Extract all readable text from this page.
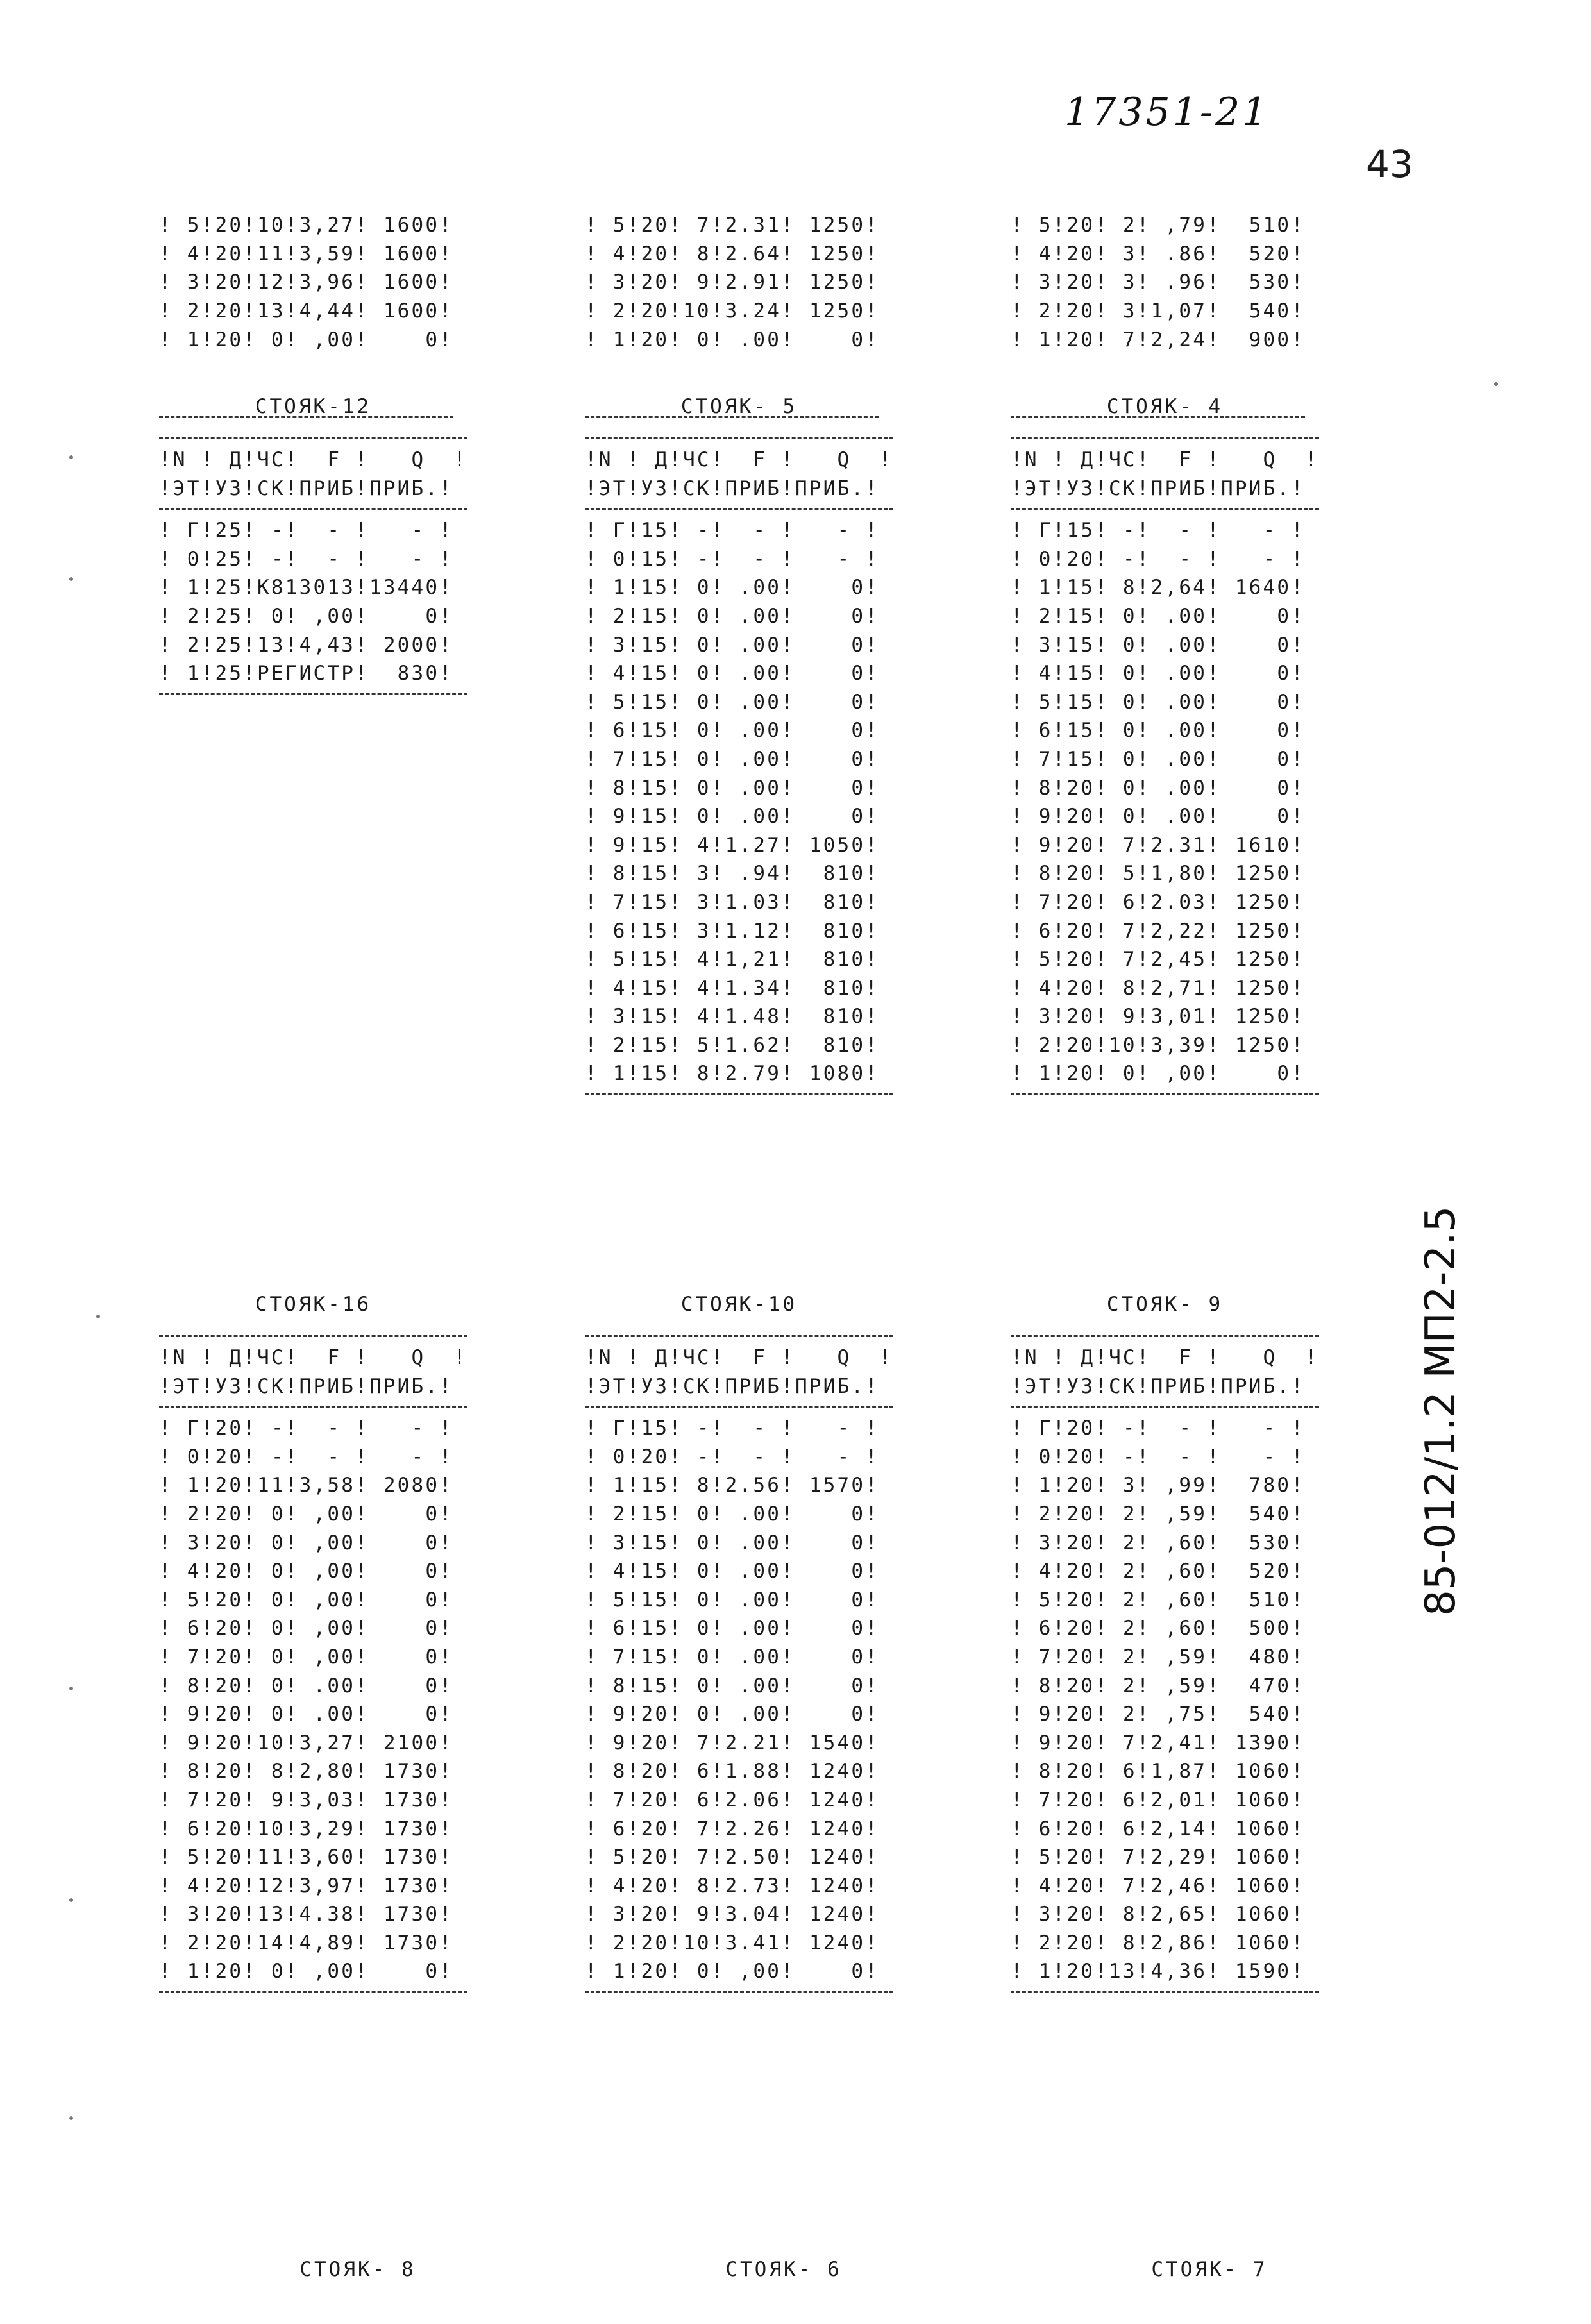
17351-21
43

! 5!20!10!3,27! 1600!
! 4!20!11!3,59! 1600!
! 3!20!12!3,96! 1600!
! 2!20!13!4,44! 1600!
! 1!20! 0! ,00!    0!

! 5!20! 7!2.31! 1250!
! 4!20! 8!2.64! 1250!
! 3!20! 9!2.91! 1250!
! 2!20!10!3.24! 1250!
! 1!20! 0! .00!    0!

! 5!20! 2! ,79!  510!
! 4!20! 3! .86!  520!
! 3!20! 3! .96!  530!
! 2!20! 3!1,07!  540!
! 1!20! 7!2,24!  900!

СТОЯК-12
!N ! Д!ЧС!  F !   Q  !
!ЭТ!УЗ!СК!ПРИБ!ПРИБ.!
! Г!25! -!  - !   - !
! 0!25! -!  - !   - !
! 1!25!К813013!13440!
! 2!25! 0! ,00!    0!
! 2!25!13!4,43! 2000!
! 1!25!РЕГИСТР!  830!
СТОЯК- 5
!N ! Д!ЧС!  F !   Q  !
!ЭТ!УЗ!СК!ПРИБ!ПРИБ.!
! Г!15! -!  - !   - !
! 0!15! -!  - !   - !
! 1!15! 0! .00!    0!
! 2!15! 0! .00!    0!
! 3!15! 0! .00!    0!
! 4!15! 0! .00!    0!
! 5!15! 0! .00!    0!
! 6!15! 0! .00!    0!
! 7!15! 0! .00!    0!
! 8!15! 0! .00!    0!
! 9!15! 0! .00!    0!
! 9!15! 4!1.27! 1050!
! 8!15! 3! .94!  810!
! 7!15! 3!1.03!  810!
! 6!15! 3!1.12!  810!
! 5!15! 4!1,21!  810!
! 4!15! 4!1.34!  810!
! 3!15! 4!1.48!  810!
! 2!15! 5!1.62!  810!
! 1!15! 8!2.79! 1080!
СТОЯК- 4
!N ! Д!ЧС!  F !   Q  !
!ЭТ!УЗ!СК!ПРИБ!ПРИБ.!
! Г!15! -!  - !   - !
! 0!20! -!  - !   - !
! 1!15! 8!2,64! 1640!
! 2!15! 0! .00!    0!
! 3!15! 0! .00!    0!
! 4!15! 0! .00!    0!
! 5!15! 0! .00!    0!
! 6!15! 0! .00!    0!
! 7!15! 0! .00!    0!
! 8!20! 0! .00!    0!
! 9!20! 0! .00!    0!
! 9!20! 7!2.31! 1610!
! 8!20! 5!1,80! 1250!
! 7!20! 6!2.03! 1250!
! 6!20! 7!2,22! 1250!
! 5!20! 7!2,45! 1250!
! 4!20! 8!2,71! 1250!
! 3!20! 9!3,01! 1250!
! 2!20!10!3,39! 1250!
! 1!20! 0! ,00!    0!
СТОЯК-16
!N ! Д!ЧС!  F !   Q  !
!ЭТ!УЗ!СК!ПРИБ!ПРИБ.!
! Г!20! -!  - !   - !
! 0!20! -!  - !   - !
! 1!20!11!3,58! 2080!
! 2!20! 0! ,00!    0!
! 3!20! 0! ,00!    0!
! 4!20! 0! ,00!    0!
! 5!20! 0! ,00!    0!
! 6!20! 0! ,00!    0!
! 7!20! 0! ,00!    0!
! 8!20! 0! .00!    0!
! 9!20! 0! .00!    0!
! 9!20!10!3,27! 2100!
! 8!20! 8!2,80! 1730!
! 7!20! 9!3,03! 1730!
! 6!20!10!3,29! 1730!
! 5!20!11!3,60! 1730!
! 4!20!12!3,97! 1730!
! 3!20!13!4.38! 1730!
! 2!20!14!4,89! 1730!
! 1!20! 0! ,00!    0!
СТОЯК-10
!N ! Д!ЧС!  F !   Q  !
!ЭТ!УЗ!СК!ПРИБ!ПРИБ.!
! Г!15! -!  - !   - !
! 0!20! -!  - !   - !
! 1!15! 8!2.56! 1570!
! 2!15! 0! .00!    0!
! 3!15! 0! .00!    0!
! 4!15! 0! .00!    0!
! 5!15! 0! .00!    0!
! 6!15! 0! .00!    0!
! 7!15! 0! .00!    0!
! 8!15! 0! .00!    0!
! 9!20! 0! .00!    0!
! 9!20! 7!2.21! 1540!
! 8!20! 6!1.88! 1240!
! 7!20! 6!2.06! 1240!
! 6!20! 7!2.26! 1240!
! 5!20! 7!2.50! 1240!
! 4!20! 8!2.73! 1240!
! 3!20! 9!3.04! 1240!
! 2!20!10!3.41! 1240!
! 1!20! 0! ,00!    0!
СТОЯК- 9
!N ! Д!ЧС!  F !   Q  !
!ЭТ!УЗ!СК!ПРИБ!ПРИБ.!
! Г!20! -!  - !   - !
! 0!20! -!  - !   - !
! 1!20! 3! ,99!  780!
! 2!20! 2! ,59!  540!
! 3!20! 2! ,60!  530!
! 4!20! 2! ,60!  520!
! 5!20! 2! ,60!  510!
! 6!20! 2! ,60!  500!
! 7!20! 2! ,59!  480!
! 8!20! 2! ,59!  470!
! 9!20! 2! ,75!  540!
! 9!20! 7!2,41! 1390!
! 8!20! 6!1,87! 1060!
! 7!20! 6!2,01! 1060!
! 6!20! 6!2,14! 1060!
! 5!20! 7!2,29! 1060!
! 4!20! 7!2,46! 1060!
! 3!20! 8!2,65! 1060!
! 2!20! 8!2,86! 1060!
! 1!20!13!4,36! 1590!

СТОЯК- 8

	СТОЯК- 6

	СТОЯК- 7

85-012/1.2 МП2-2.5
